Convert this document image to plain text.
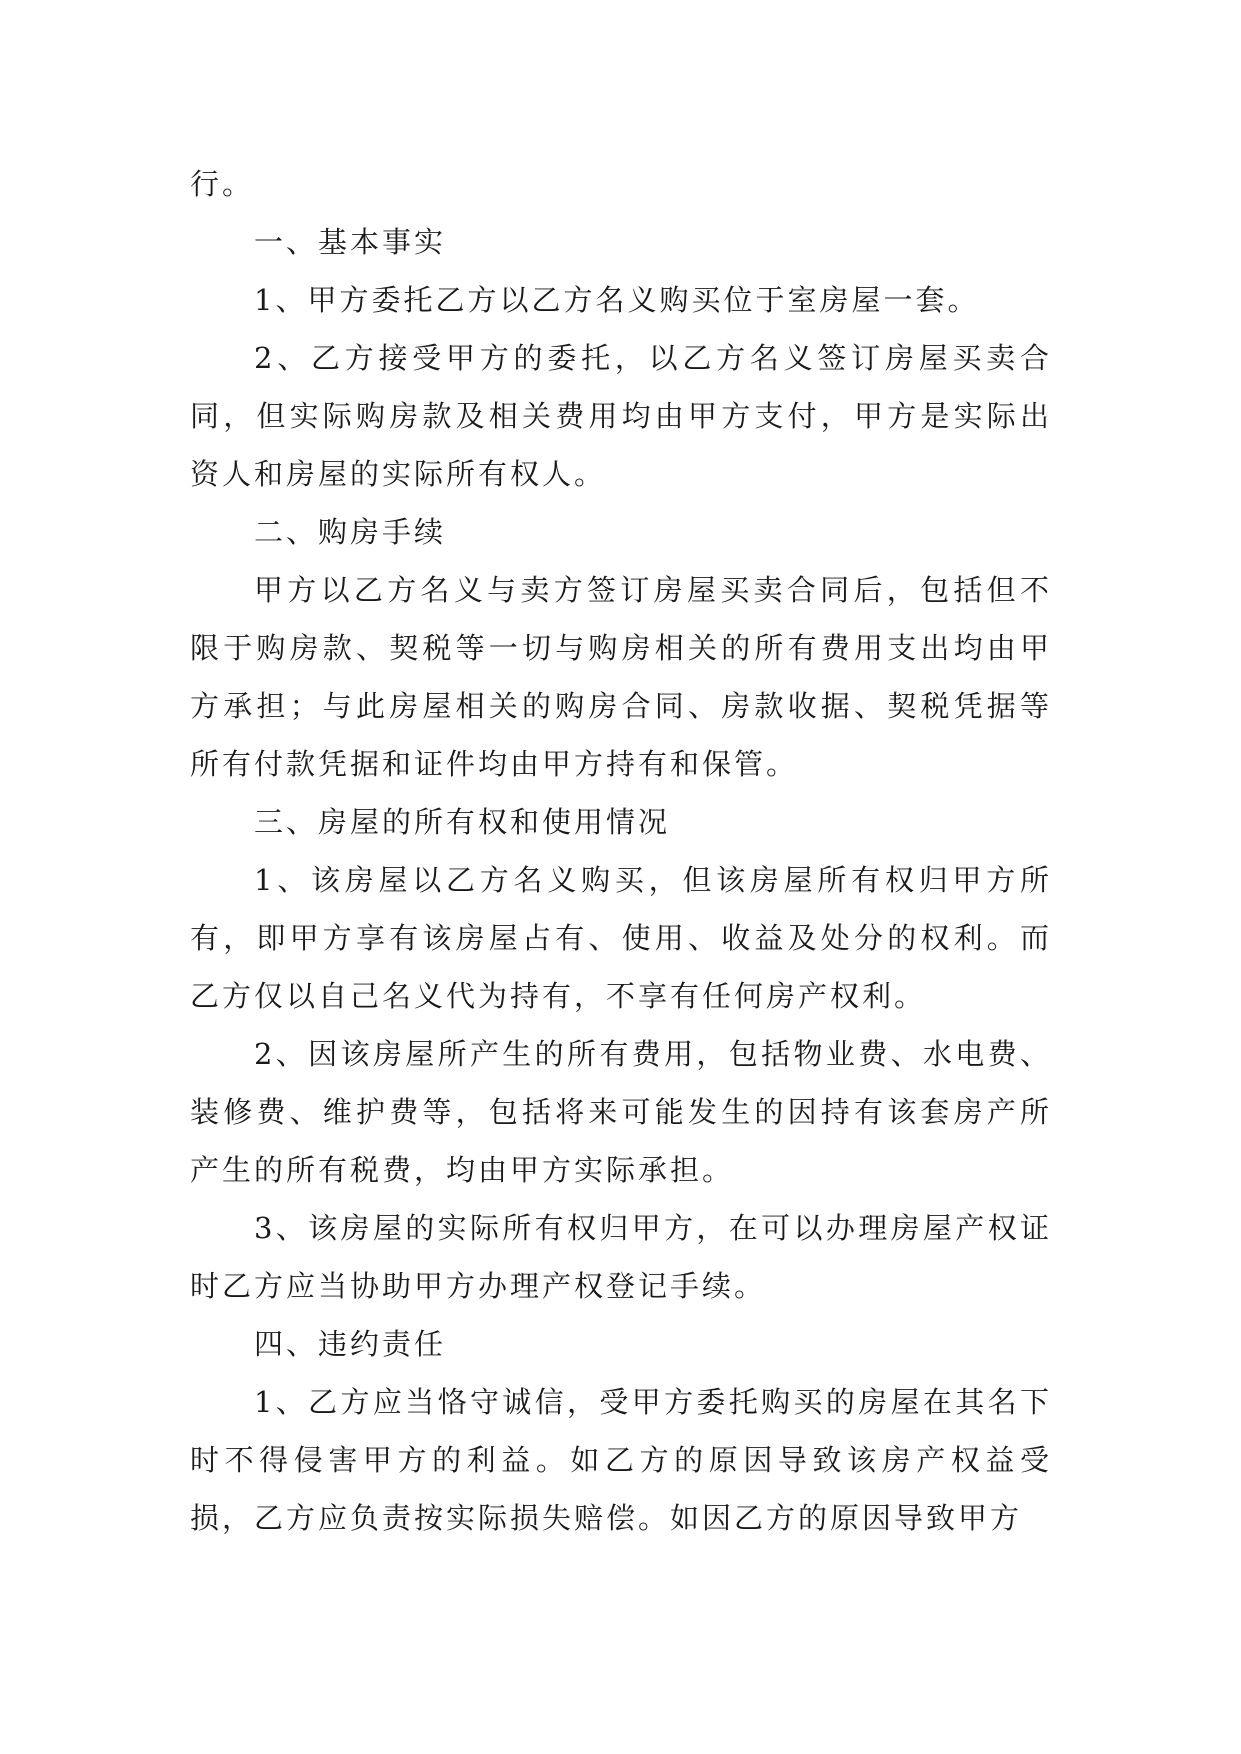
行。

一、基本事实

1、甲方委托乙方以乙方名义购买位于室房屋一套。

2、乙方接受甲方的委托，以乙方名义签订房屋买卖合同，但实际购房款及相关费用均由甲方支付，甲方是实际出资人和房屋的实际所有权人。

二、购房手续

甲方以乙方名义与卖方签订房屋买卖合同后，包括但不限于购房款、契税等一切与购房相关的所有费用支出均由甲方承担；与此房屋相关的购房合同、房款收据、契税凭据等所有付款凭据和证件均由甲方持有和保管。

三、房屋的所有权和使用情况

1、该房屋以乙方名义购买，但该房屋所有权归甲方所有，即甲方享有该房屋占有、使用、收益及处分的权利。而乙方仅以自己名义代为持有，不享有任何房产权利。

2、因该房屋所产生的所有费用，包括物业费、水电费、装修费、维护费等，包括将来可能发生的因持有该套房产所产生的所有税费，均由甲方实际承担。

3、该房屋的实际所有权归甲方，在可以办理房屋产权证时乙方应当协助甲方办理产权登记手续。

四、违约责任

1、乙方应当恪守诚信，受甲方委托购买的房屋在其名下时不得侵害甲方的利益。如乙方的原因导致该房产权益受损，乙方应负责按实际损失赔偿。如因乙方的原因导致甲方
